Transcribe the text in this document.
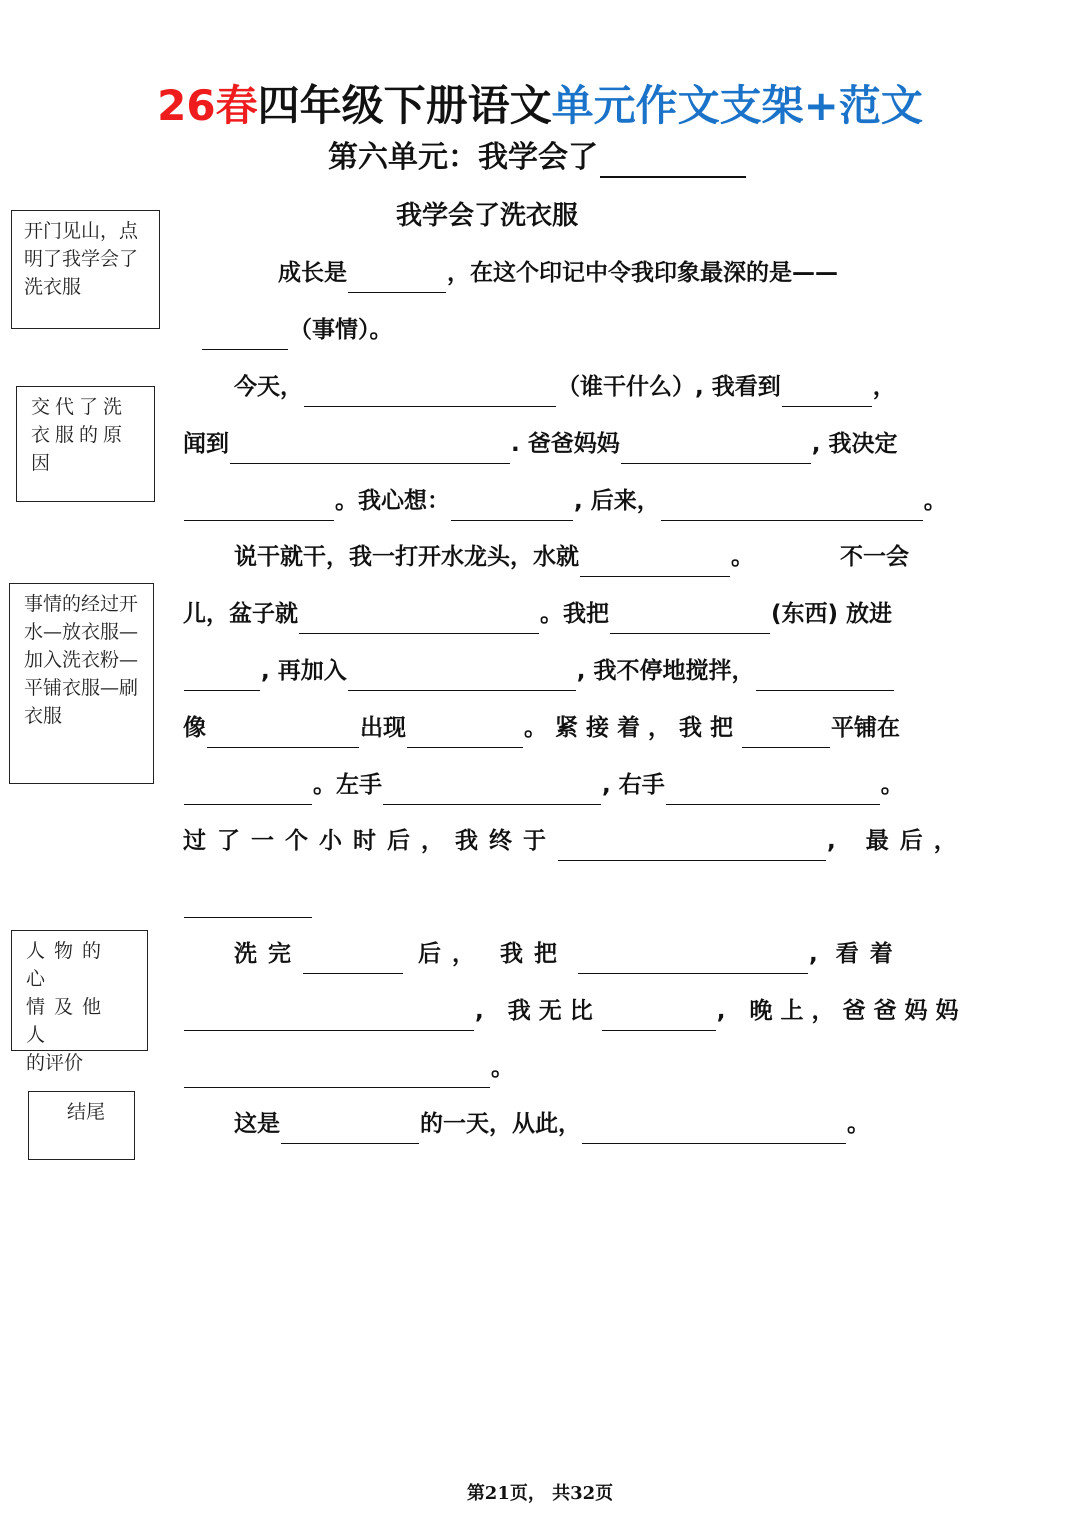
26春四年级下册语文单元作文支架+范文
第六单元：我学会了
我学会了洗衣服
开门见山，点明了我学会了洗衣服
交代了洗衣服的原因
事情的经过开水—放衣服—加入洗衣粉—平铺衣服—刷衣服
人物的心
情及他人
的评价
结尾
成长是	，在这个印记中令我印象最深的是——
（事情）。
今天，	（谁干什么）, 我看到	，
闻到	. 爸爸妈妈	, 我决定
。我心想：	, 后来，	。
说干就干，我一打开水龙头，水就	。	不一会
儿，盆子就	。我把	(东西) 放进
, 再加入	, 我不停地搅拌，
像	出现	。紧接着，我把	平铺在
。左手	, 右手	。
过了一个小时后，我终于	, 最后，
洗完	后， 我把	, 看着
, 我无比	, 晚上，爸爸妈妈
。
这是	的一天，从此，	。
第21页， 共32页
